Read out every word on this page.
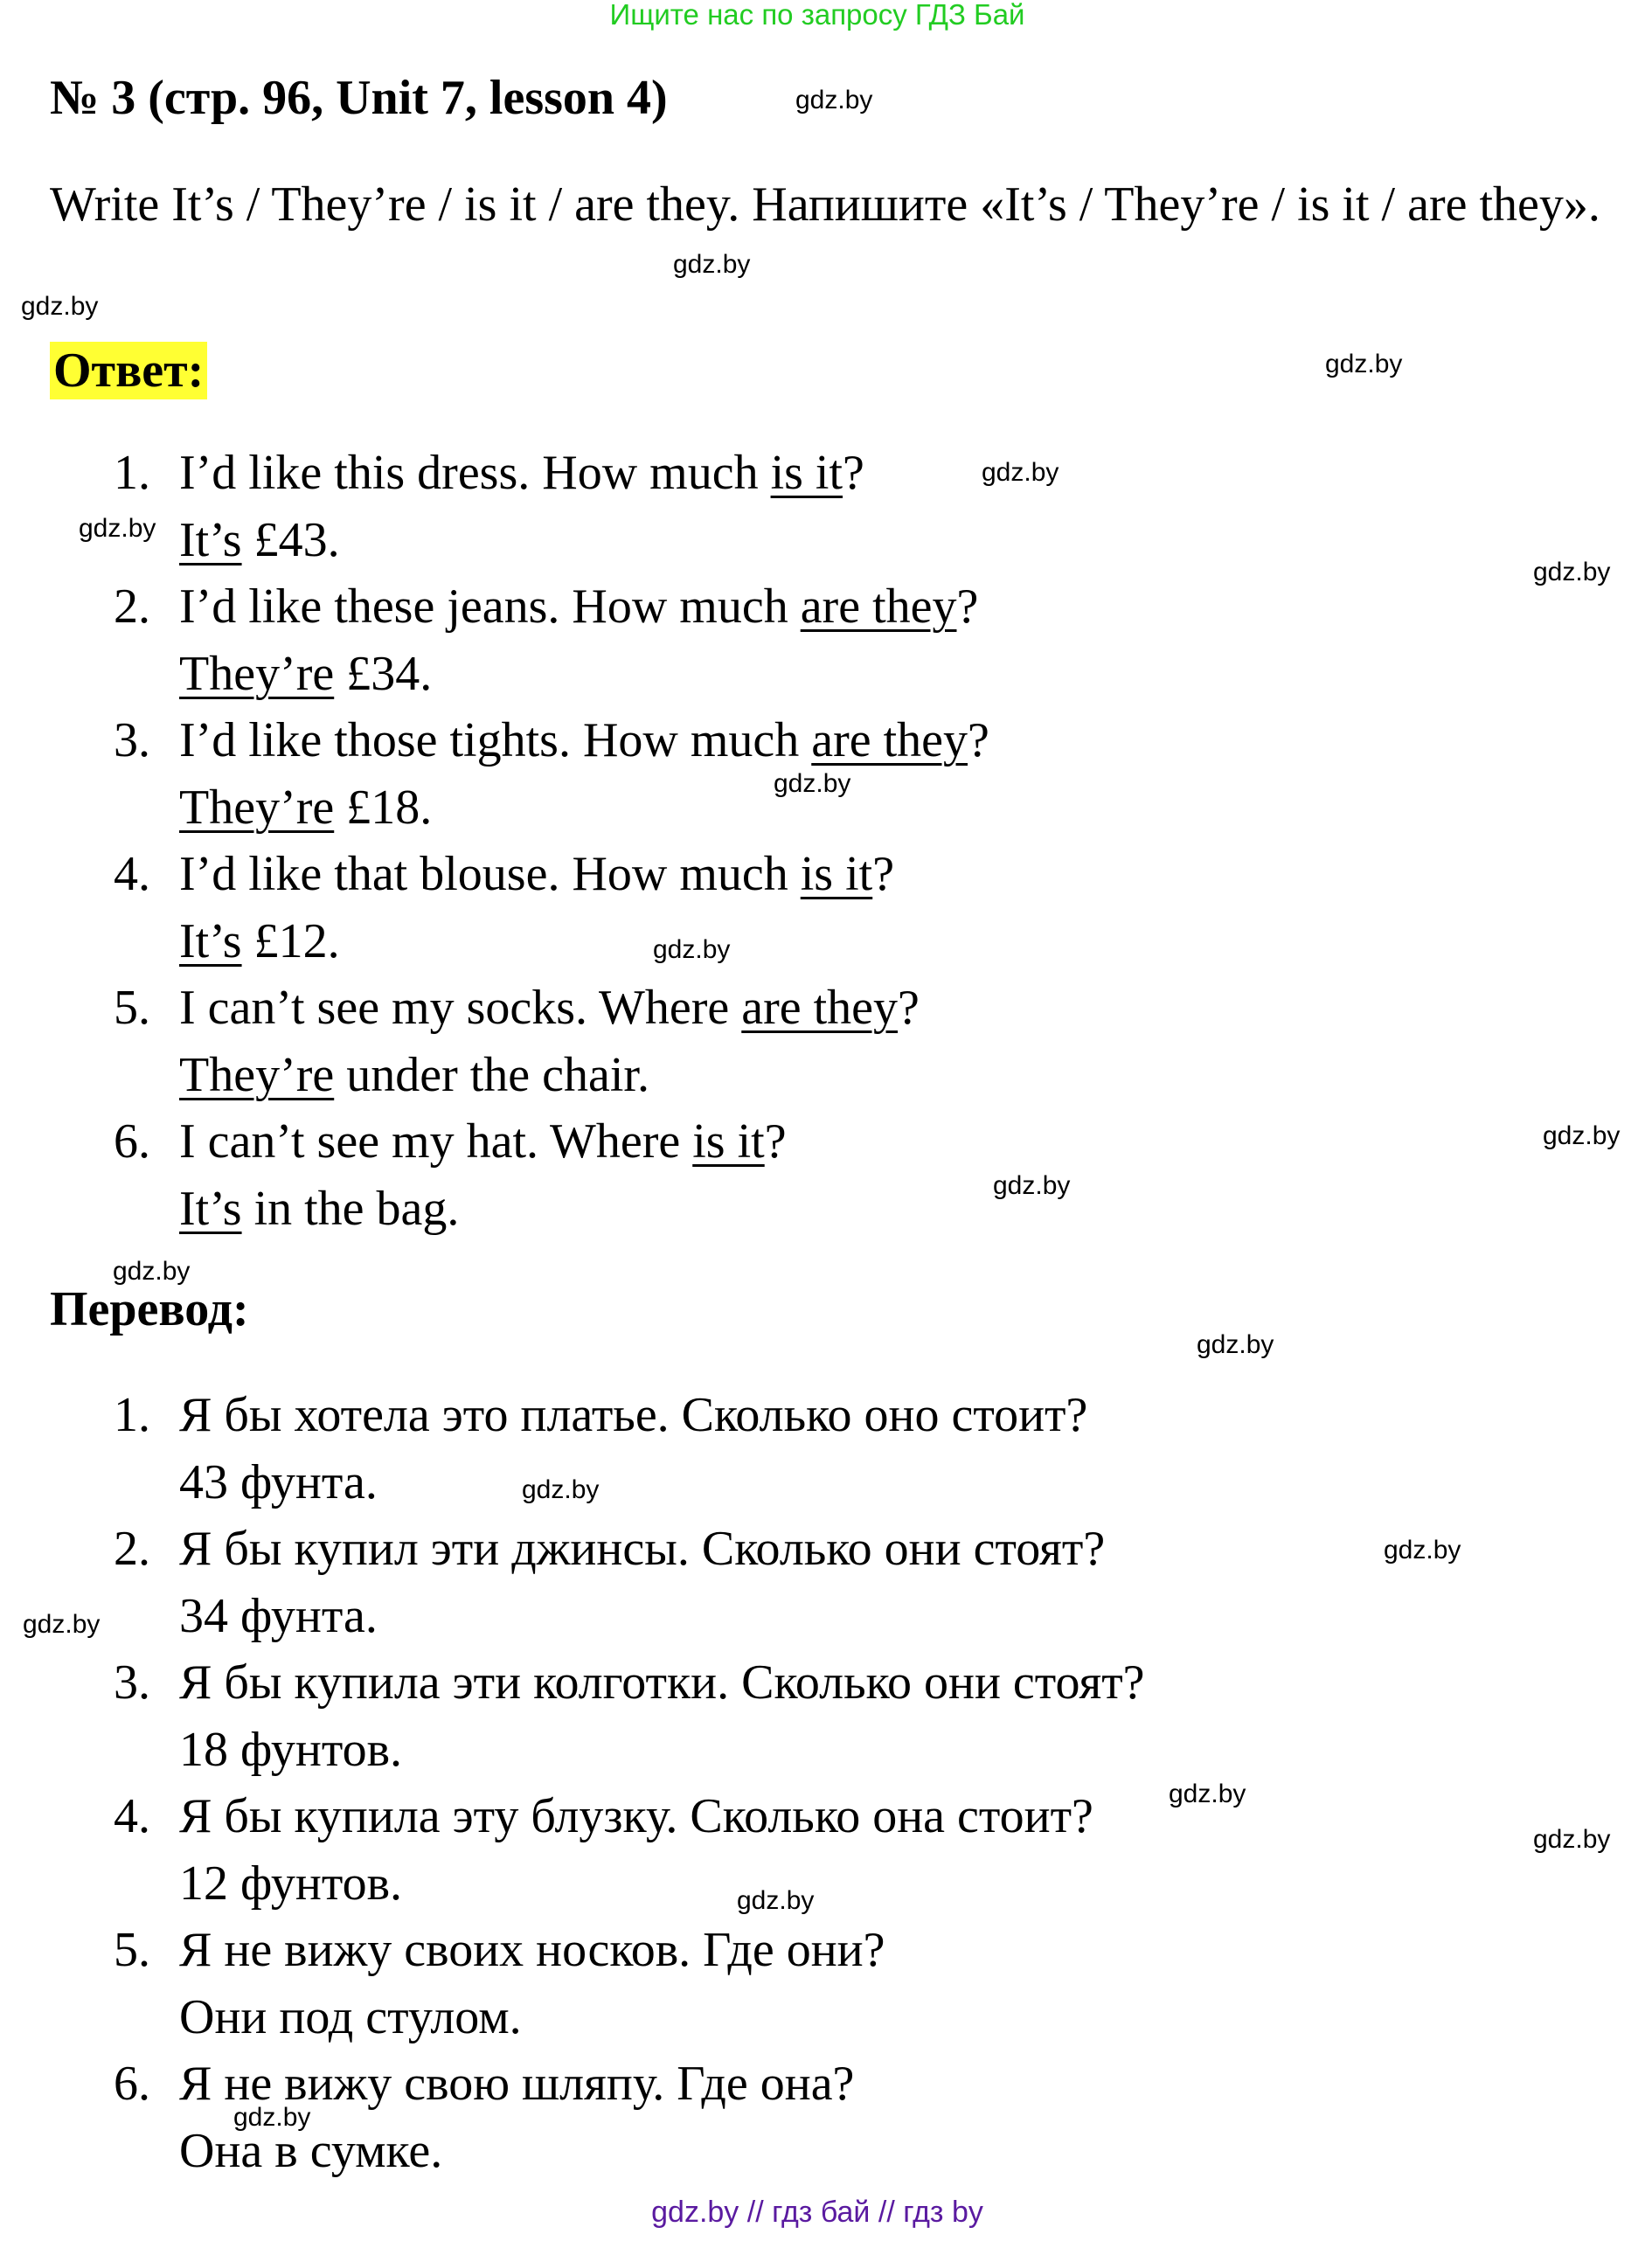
Ищите нас по запросу ГДЗ Бай
№ 3 (стр. 96, Unit 7, lesson 4)
Write It’s / They’re / is it / are they. Напишите «It’s / They’re / is it / are they».
Ответ:
1. I’d like this dress. How much is it?
It’s £43.
2. I’d like these jeans. How much are they?
They’re £34.
3. I’d like those tights. How much are they?
They’re £18.
4. I’d like that blouse. How much is it?
It’s £12.
5. I can’t see my socks. Where are they?
They’re under the chair.
6. I can’t see my hat. Where is it?
It’s in the bag.
Перевод:
1. Я бы хотела это платье. Сколько оно стоит?
43 фунта.
2. Я бы купил эти джинсы. Сколько они стоят?
34 фунта.
3. Я бы купила эти колготки. Сколько они стоят?
18 фунтов.
4. Я бы купила эту блузку. Сколько она стоит?
12 фунтов.
5. Я не вижу своих носков. Где они?
Они под стулом.
6. Я не вижу свою шляпу. Где она?
Она в сумке.
gdz.by
gdz.by
gdz.by
gdz.by
gdz.by
gdz.by
gdz.by
gdz.by
gdz.by
gdz.by
gdz.by
gdz.by
gdz.by
gdz.by
gdz.by
gdz.by
gdz.by
gdz.by
gdz.by
gdz.by
gdz.by // гдз бай // гдз by
